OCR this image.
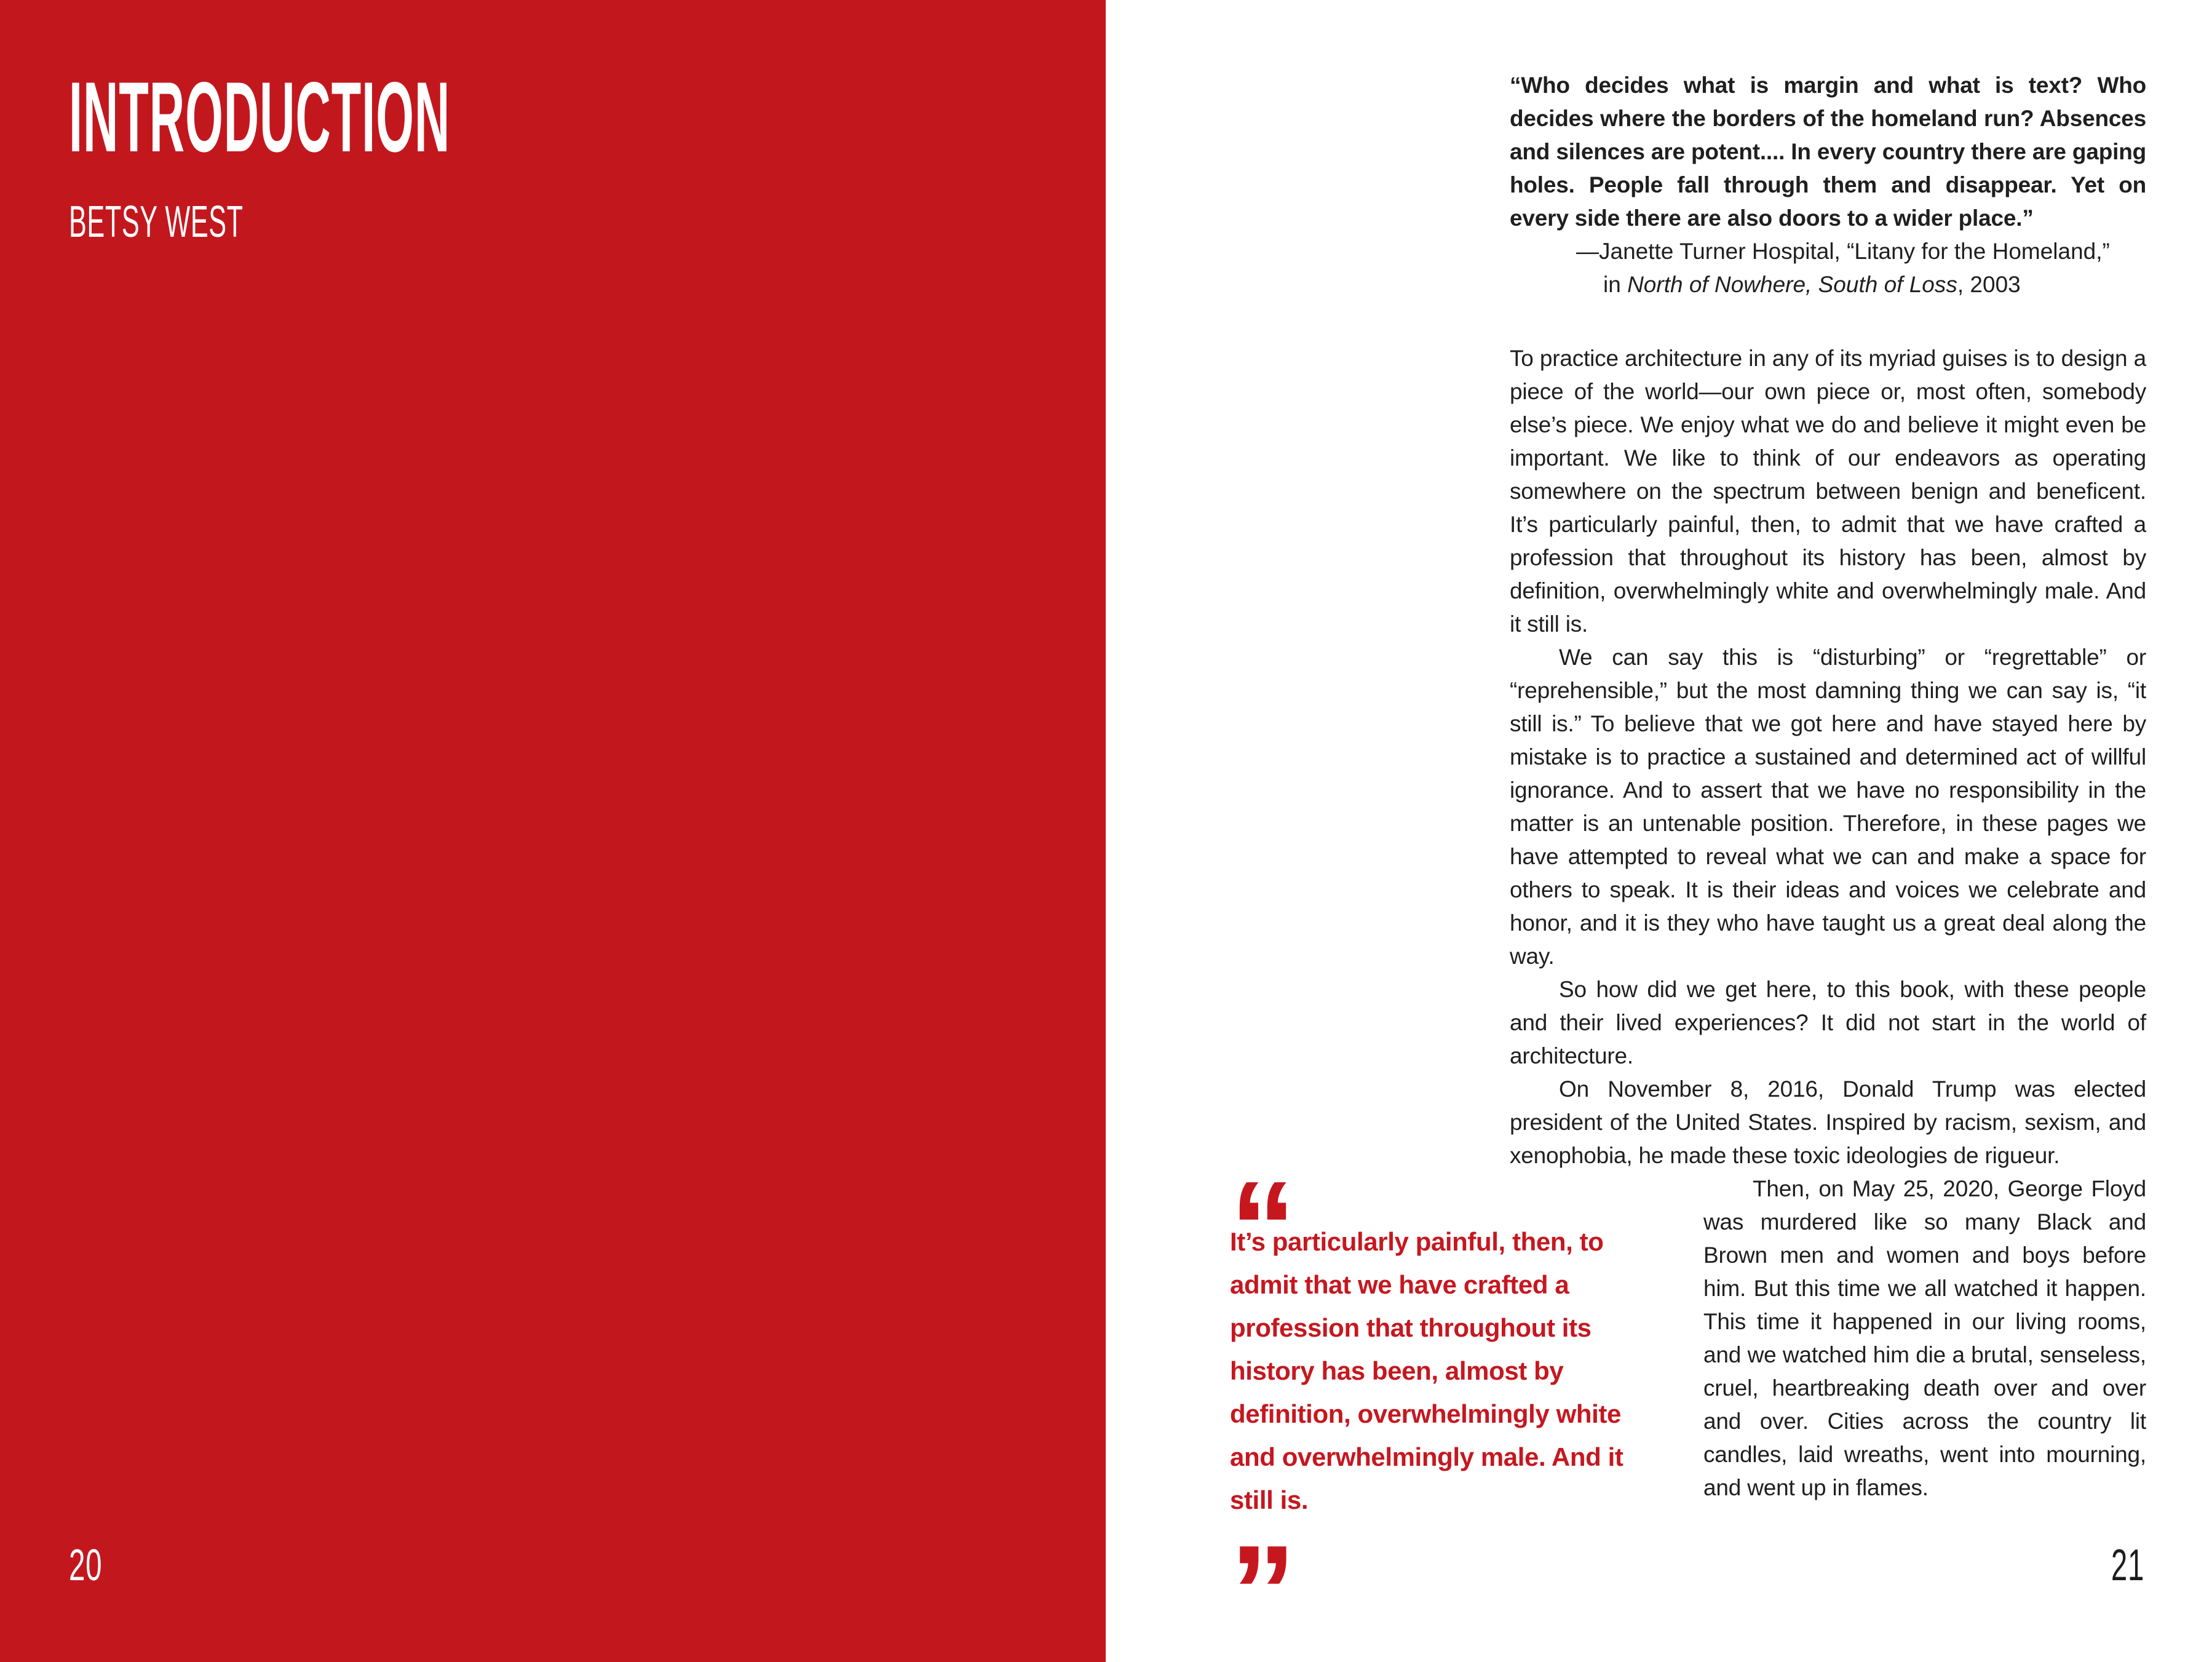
INTRODUCTION
BETSY WEST
20

“Who decides what is margin and what is text? Who decides where the borders of the homeland run? Absences and silences are potent.... In every country there are gaping holes. People fall through them and disappear. Yet on every side there are also doors to a wider place.”

—Janette Turner Hospital, “Litany for the Homeland,”

in North of Nowhere, South of Loss, 2003

To practice architecture in any of its myriad guises is to design a piece of the world—our own piece or, most often, somebody else’s piece. We enjoy what we do and believe it might even be important. We like to think of our endeavors as operating somewhere on the spectrum between benign and beneficent. It’s particularly painful, then, to admit that we have crafted a profession that throughout its history has been, almost by definition, overwhelmingly white and overwhelmingly male. And it still is.

We can say this is “disturbing” or “regrettable” or “reprehensible,” but the most damning thing we can say is, “it still is.” To believe that we got here and have stayed here by mistake is to practice a sustained and determined act of willful ignorance. And to assert that we have no responsibility in the matter is an untenable position. Therefore, in these pages we have attempted to reveal what we can and make a space for others to speak. It is their ideas and voices we celebrate and honor, and it is they who have taught us a great deal along the way.

So how did we get here, to this book, with these people and their lived experiences? It did not start in the world of architecture.

On November 8, 2016, Donald Trump was elected president of the United States. Inspired by racism, sexism, and xenophobia, he made these toxic ideologies de rigueur.

“

It’s particularly painful, then, to admit that we have crafted a profession that throughout its history has been, almost by definition, overwhelmingly white and overwhelmingly male. And it still is.

”

Then, on May 25, 2020, George Floyd was murdered like so many Black and Brown men and women and boys before him. But this time we all watched it happen. This time it happened in our living rooms, and we watched him die a brutal, senseless, cruel, heartbreaking death over and over and over. Cities across the country lit candles, laid wreaths, went into mourning, and went up in flames.

21
